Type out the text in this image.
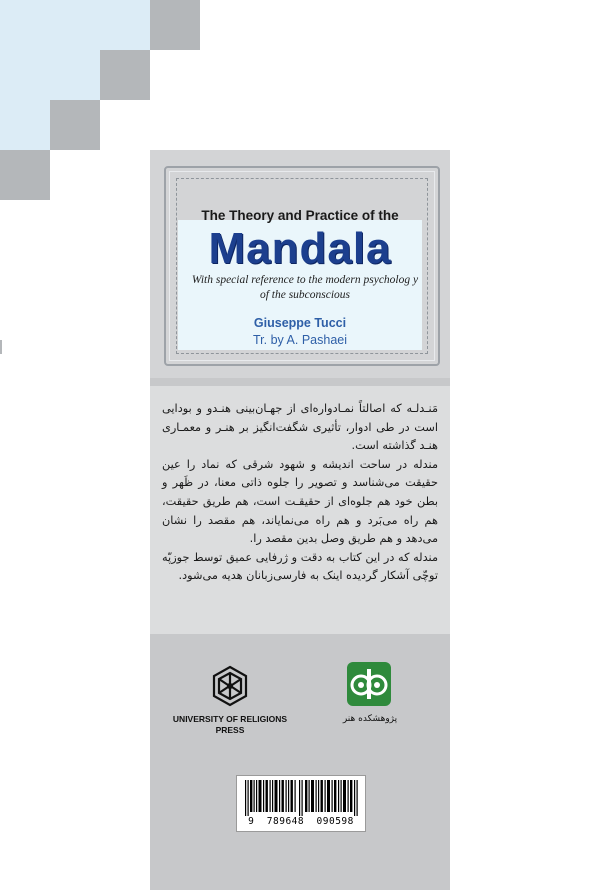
The Theory and Practice of the
Mandala
With special reference to the modern psycholog y of the subconscious
Giuseppe Tucci
Tr. by A. Pashaei

مَنـدلـه که اصالتاً نمـادواره‌ای از جهـان‌بینی هنـدو و بودایی است در طی ادوار، تأثیری شگفت‌انگیز بر هنـر و معمـاری هنـد گذاشته است.

مندله در ساحت اندیشه و شهود شرقی که نماد را عین حقیقت می‌شناسد و تصویر را جلوه ذاتی معنا، در ظَهر و بطن خود هم جلوه‌ای از حقیقـت است، هم طریق حقیقت، هم راه می‌بَرد و هم راه می‌نمایاند، هم مقصد را نشان می‌دهد و هم طریق وصل بدین مقصد را.

مندله که در این کتاب به دقت و ژرفایی عمیق توسط جوزپّه توچّی آشکار گردیده اینک به فارسی‌زبانان هدیه می‌شود.

UNIVERSITY OF RELIGIONS PRESS
پژوهشکده هنر
9  789648  090598
